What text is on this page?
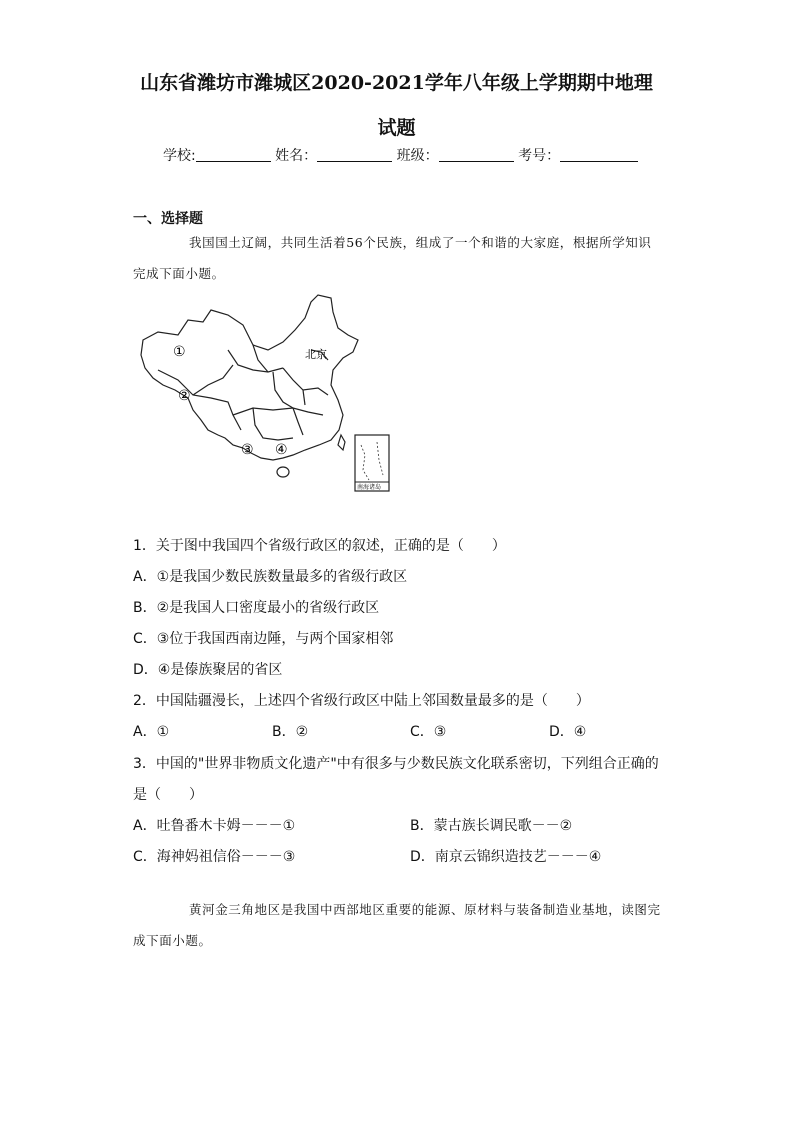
山东省潍坊市潍城区2020-2021学年八年级上学期期中地理
试题
学校:	姓名：	班级：	考号：
一、选择题
我国国土辽阔，共同生活着56个民族，组成了一个和谐的大家庭，根据所学知识完成下面小题。
北京
①
②
③ ④
南海诸岛
1．关于图中我国四个省级行政区的叙述，正确的是（　　）
A．①是我国少数民族数量最多的省级行政区
B．②是我国人口密度最小的省级行政区
C．③位于我国西南边陲，与两个国家相邻
D．④是傣族聚居的省区
2．中国陆疆漫长，上述四个省级行政区中陆上邻国数量最多的是（　　）
A．①	B．②	C．③	D．④
3．中国的"世界非物质文化遗产"中有很多与少数民族文化联系密切，下列组合正确的
是（　　）
A．吐鲁番木卡姆－－－①	B．蒙古族长调民歌－－②
C．海神妈祖信俗－－－③	D．南京云锦织造技艺－－－④
黄河金三角地区是我国中西部地区重要的能源、原材料与装备制造业基地，读图完成下面小题。
